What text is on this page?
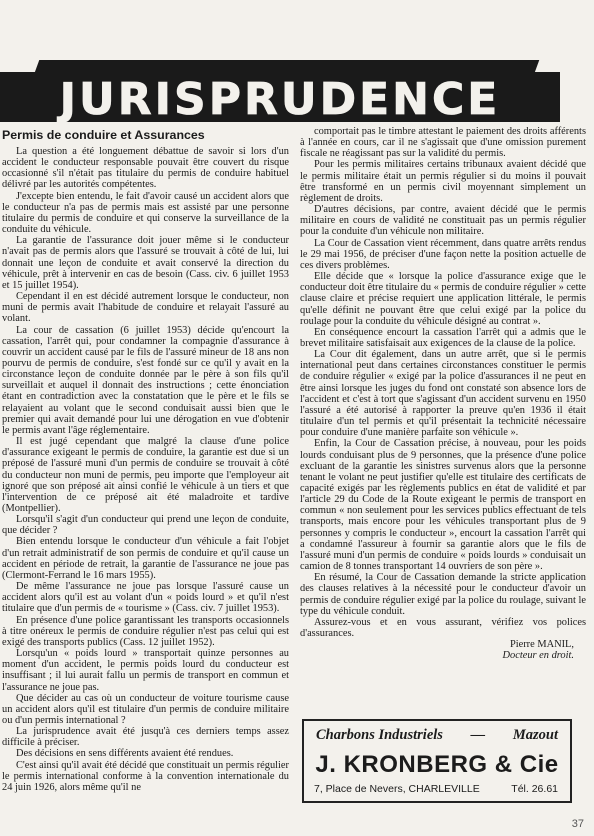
JURISPRUDENCE
Permis de conduire et Assurances

La question a été longuement débattue de savoir si lors d'un accident le conducteur responsable pouvait être couvert du risque occasionné s'il n'était pas titulaire du permis de conduire habituel délivré par les autorités compétentes.

J'excepte bien entendu, le fait d'avoir causé un accident alors que le conducteur n'a pas de permis mais est assisté par une personne titulaire du permis de conduire et qui conserve la surveillance de la conduite du véhicule.

La garantie de l'assurance doit jouer même si le conducteur n'avait pas de permis alors que l'assuré se trouvait à côté de lui, lui donnait une leçon de conduite et avait conservé la direction du véhicule, prêt à intervenir en cas de besoin (Cass. civ. 6 juillet 1953 et 15 juillet 1954).

Cependant il en est décidé autrement lorsque le conducteur, non muni de permis avait l'habitude de conduire et relayait l'assuré au volant.

La cour de cassation (6 juillet 1953) décide qu'encourt la cassation, l'arrêt qui, pour condamner la compagnie d'assurance à couvrir un accident causé par le fils de l'assuré mineur de 18 ans non pourvu de permis de conduire, s'est fondé sur ce qu'il y avait en la circonstance leçon de conduite donnée par le père à son fils qu'il surveillait et auquel il donnait des instructions ; cette énonciation étant en contradiction avec la constatation que le père et le fils se relayaient au volant que le second conduisait aussi bien que le premier qui avait demandé pour lui une dérogation en vue d'obtenir le permis avant l'âge réglementaire.

Il est jugé cependant que malgré la clause d'une police d'assurance exigeant le permis de conduire, la garantie est due si un préposé de l'assuré muni d'un permis de conduire se trouvait à côté du conducteur non muni de permis, peu importe que l'employeur ait ignoré que son préposé ait ainsi confié le véhicule à un tiers et que l'intervention de ce préposé ait été maladroite et tardive (Montpellier).

Lorsqu'il s'agit d'un conducteur qui prend une leçon de conduite, que décider ?

Bien entendu lorsque le conducteur d'un véhicule a fait l'objet d'un retrait administratif de son permis de conduire et qu'il cause un accident en période de retrait, la garantie de l'assurance ne joue pas (Clermont-Ferrand le 16 mars 1955).

De même l'assurance ne joue pas lorsque l'assuré cause un accident alors qu'il est au volant d'un « poids lourd » et qu'il n'est titulaire que d'un permis de « tourisme » (Cass. civ. 7 juillet 1953).

En présence d'une police garantissant les transports occasionnels à titre onéreux le permis de conduire régulier n'est pas celui qui est exigé des transports publics (Cass. 12 juillet 1952).

Lorsqu'un « poids lourd » transportait quinze personnes au moment d'un accident, le permis poids lourd du conducteur est insuffisant ; il lui aurait fallu un permis de transport en commun et l'assurance ne joue pas.

Que décider au cas où un conducteur de voiture tourisme cause un accident alors qu'il est titulaire d'un permis de conduire militaire ou d'un permis international ?

La jurisprudence avait été jusqu'à ces derniers temps assez difficile à préciser.

Des décisions en sens différents avaient été rendues.

C'est ainsi qu'il avait été décidé que constituait un permis régulier le permis international conforme à la convention internationale du 24 juin 1926, alors même qu'il ne

comportait pas le timbre attestant le paiement des droits afférents à l'année en cours, car il ne s'agissait que d'une omission purement fiscale ne réagissant pas sur la validité du permis.

Pour les permis militaires certains tribunaux avaient décidé que le permis militaire était un permis régulier si du moins il pouvait être transformé en un permis civil moyennant simplement un règlement de droits.

D'autres décisions, par contre, avaient décidé que le permis militaire en cours de validité ne constituait pas un permis régulier pour la conduite d'un véhicule non militaire.

La Cour de Cassation vient récemment, dans quatre arrêts rendus le 29 mai 1956, de préciser d'une façon nette la position actuelle de ces divers problèmes.

Elle décide que « lorsque la police d'assurance exige que le conducteur doit être titulaire du « permis de conduire régulier » cette clause claire et précise requiert une application littérale, le permis qu'elle définit ne pouvant être que celui exigé par la police du roulage pour la conduite du véhicule désigné au contrat ».

En conséquence encourt la cassation l'arrêt qui a admis que le brevet militaire satisfaisait aux exigences de la clause de la police.

La Cour dit également, dans un autre arrêt, que si le permis international peut dans certaines circonstances constituer le permis de conduire régulier « exigé par la police d'assurances il ne peut en être ainsi lorsque les juges du fond ont constaté son absence lors de l'accident et c'est à tort que s'agissant d'un accident survenu en 1950 l'assuré a été autorisé à rapporter la preuve qu'en 1936 il était titulaire d'un tel permis et qu'il présentait la technicité nécessaire pour conduire d'une manière parfaite son véhicule ».

Enfin, la Cour de Cassation précise, à nouveau, pour les poids lourds conduisant plus de 9 personnes, que la présence d'une police excluant de la garantie les sinistres survenus alors que la personne tenant le volant ne peut justifier qu'elle est titulaire des certificats de capacité exigés par les règlements publics en état de validité et par l'article 29 du Code de la Route exigeant le permis de transport en commun « non seulement pour les services publics effectuant de tels transports, mais encore pour les véhicules transportant plus de 9 personnes y compris le conducteur », encourt la cassation l'arrêt qui a condamné l'assureur à fournir sa garantie alors que le fils de l'assuré muni d'un permis de conduire « poids lourds » conduisait un camion de 8 tonnes transportant 14 ouvriers de son père ».

En résumé, la Cour de Cassation demande la stricte application des clauses relatives à la nécessité pour le conducteur d'avoir un permis de conduire régulier exigé par la police du roulage, suivant le type du véhicule conduit.

Assurez-vous et en vous assurant, vérifiez vos polices d'assurances.

Pierre MANIL,
Docteur en droit.
Charbons Industriels — Mazout
J. KRONBERG & Cie
7, Place de Nevers, CHARLEVILLE	Tél. 26.61
37
